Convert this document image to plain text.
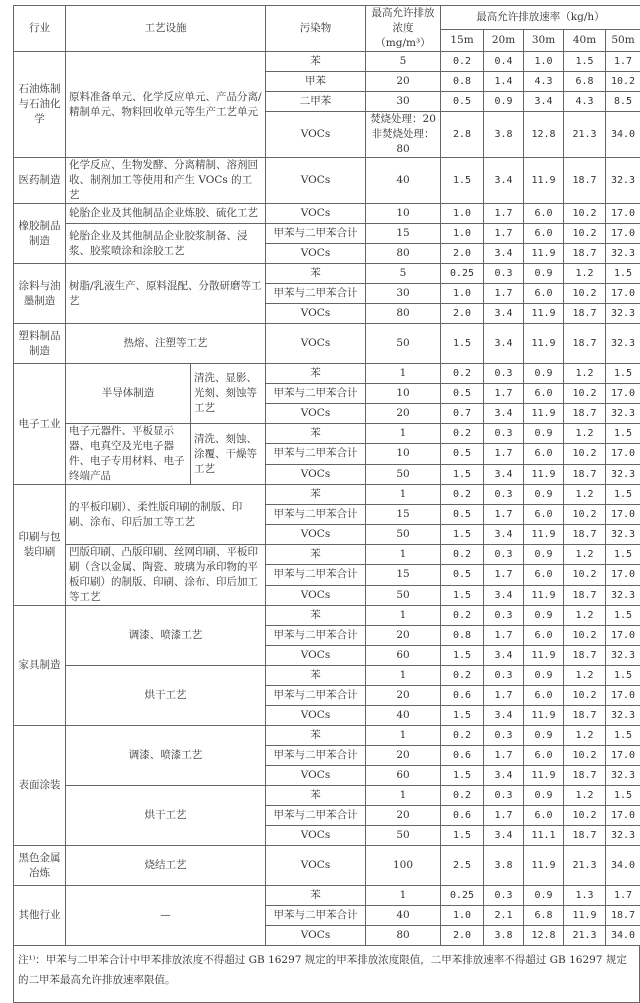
行业	工艺设施		污染物	最高允许排放浓度（mg/m³）	最高允许排放速率（kg/h）				
					15m	20m	30m	40m	50m
石油炼制与石油化学	原料准备单元、化学反应单元、产品分离/精制单元、物料回收单元等生产工艺单元		苯	5	0.2	0.4	1.0	1.5	1.7
			甲苯	20	0.8	1.4	4.3	6.8	10.2
			二甲苯	30	0.5	0.9	3.4	4.3	8.5
			VOCs	焚烧处理：20 非焚烧处理：80	2.8	3.8	12.8	21.3	34.0
医药制造	化学反应、生物发酵、分离精制、溶剂回收、制剂加工等使用和产生 VOCs 的工艺		VOCs	40	1.5	3.4	11.9	18.7	32.3
橡胶制品制造	轮胎企业及其他制品企业炼胶、硫化工艺		VOCs	10	1.0	1.7	6.0	10.2	17.0
	轮胎企业及其他制品企业胶浆制备、浸浆、胶浆喷涂和涂胶工艺		甲苯与二甲苯合计	15	1.0	1.7	6.0	10.2	17.0
			VOCs	80	2.0	3.4	11.9	18.7	32.3
涂料与油墨制造	树脂/乳液生产、原料混配、分散研磨等工艺		苯	5	0.25	0.3	0.9	1.2	1.5
			甲苯与二甲苯合计	30	1.0	1.7	6.0	10.2	17.0
			VOCs	80	2.0	3.4	11.9	18.7	32.3
塑料制品制造	热熔、注塑等工艺		VOCs	50	1.5	3.4	11.9	18.7	32.3
电子工业	半导体制造	清洗、显影、光刻、刻蚀等工艺	苯	1	0.2	0.3	0.9	1.2	1.5
			甲苯与二甲苯合计	10	0.5	1.7	6.0	10.2	17.0
			VOCs	20	0.7	3.4	11.9	18.7	32.3
	电子元器件、平板显示器、电真空及光电子器件、电子专用材料、电子终端产品	清洗、刻蚀、涂覆、干燥等工艺	苯	1	0.2	0.3	0.9	1.2	1.5
			甲苯与二甲苯合计	10	0.5	1.7	6.0	10.2	17.0
			VOCs	50	1.5	3.4	11.9	18.7	32.3
印刷与包装印刷	的平板印刷）、柔性版印刷的制版、印刷、涂布、印后加工等工艺		苯	1	0.2	0.3	0.9	1.2	1.5
			甲苯与二甲苯合计	15	0.5	1.7	6.0	10.2	17.0
			VOCs	50	1.5	3.4	11.9	18.7	32.3
	凹版印刷、凸版印刷、丝网印刷、平板印刷（含以金属、陶瓷、玻璃为承印物的平板印刷）的制版、印刷、涂布、印后加工等工艺		苯	1	0.2	0.3	0.9	1.2	1.5
			甲苯与二甲苯合计	15	0.5	1.7	6.0	10.2	17.0
			VOCs	50	1.5	3.4	11.9	18.7	32.3
家具制造	调漆、喷漆工艺		苯	1	0.2	0.3	0.9	1.2	1.5
			甲苯与二甲苯合计	20	0.8	1.7	6.0	10.2	17.0
			VOCs	60	1.5	3.4	11.9	18.7	32.3
	烘干工艺		苯	1	0.2	0.3	0.9	1.2	1.5
			甲苯与二甲苯合计	20	0.6	1.7	6.0	10.2	17.0
			VOCs	40	1.5	3.4	11.9	18.7	32.3
表面涂装	调漆、喷漆工艺		苯	1	0.2	0.3	0.9	1.2	1.5
			甲苯与二甲苯合计	20	0.6	1.7	6.0	10.2	17.0
			VOCs	60	1.5	3.4	11.9	18.7	32.3
	烘干工艺		苯	1	0.2	0.3	0.9	1.2	1.5
			甲苯与二甲苯合计	20	0.6	1.7	6.0	10.2	17.0
			VOCs	50	1.5	3.4	11.1	18.7	32.3
黑色金属冶炼	烧结工艺		VOCs	100	2.5	3.8	11.9	21.3	34.0
其他行业	—		苯	1	0.25	0.3	0.9	1.3	1.7
			甲苯与二甲苯合计	40	1.0	2.1	6.8	11.9	18.7
			VOCs	80	2.0	3.8	12.8	21.3	34.0
注¹⁾：甲苯与二甲苯合计中甲苯排放浓度不得超过 GB 16297 规定的甲苯排放浓度限值，二甲苯排放速率不得超过 GB 16297 规定的二甲苯最高允许排放速率限值。
